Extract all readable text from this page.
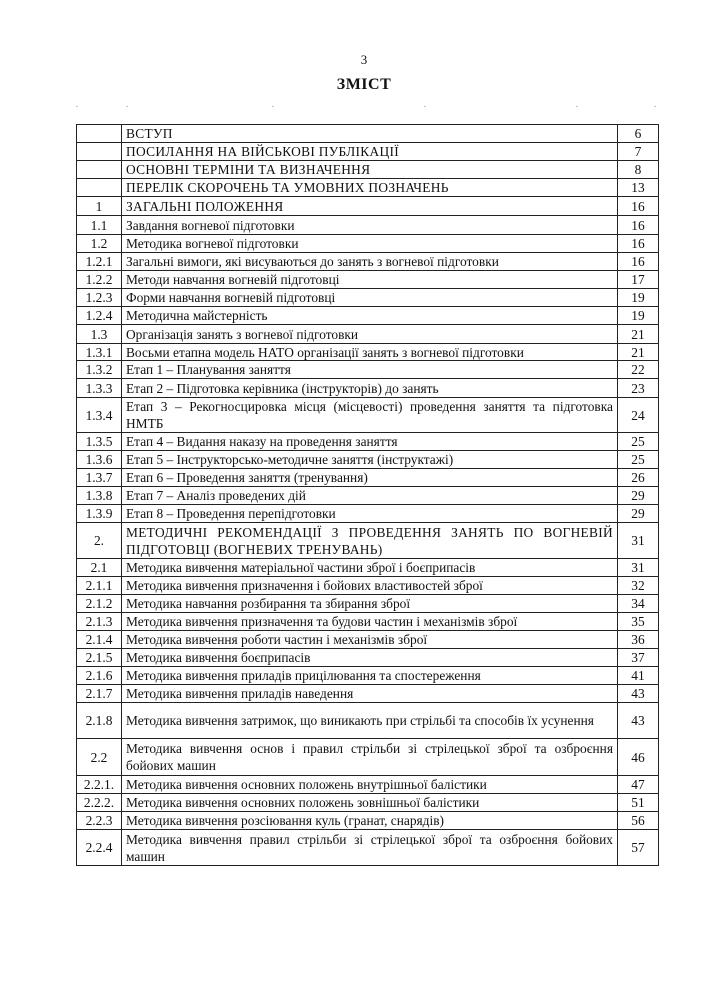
3
ЗМІСТ
.	.	.	.	.	.
	ВСТУП	6
	ПОСИЛАННЯ НА ВІЙСЬКОВІ ПУБЛІКАЦІЇ	7
	ОСНОВНІ ТЕРМІНИ ТА ВИЗНАЧЕННЯ	8
	ПЕРЕЛІК СКОРОЧЕНЬ ТА УМОВНИХ ПОЗНАЧЕНЬ	13
1	ЗАГАЛЬНІ ПОЛОЖЕННЯ	16
1.1	Завдання вогневої підготовки	16
1.2	Методика вогневої підготовки	16
1.2.1	Загальні вимоги, які висуваються до занять з вогневої підготовки	16
1.2.2	Методи навчання вогневій підготовці	17
1.2.3	Форми навчання вогневій підготовці	19
1.2.4	Методична майстерність	19
1.3	Організація занять з вогневої підготовки	21
1.3.1	Восьми етапна модель НАТО організації занять з вогневої підготовки	21
1.3.2	Етап 1 – Планування заняття	22
1.3.3	Етап 2 – Підготовка керівника (інструкторів) до занять	23
1.3.4	Етап 3 – Рекогносцировка місця (місцевості) проведення заняття та підготовка НМТБ	24
1.3.5	Етап 4 – Видання наказу на проведення заняття	25
1.3.6	Етап 5 – Інструкторсько-методичне заняття (інструктажі)	25
1.3.7	Етап 6 – Проведення заняття (тренування)	26
1.3.8	Етап 7 – Аналіз проведених дій	29
1.3.9	Етап 8 – Проведення перепідготовки	29
2.	МЕТОДИЧНІ РЕКОМЕНДАЦІЇ З ПРОВЕДЕННЯ ЗАНЯТЬ ПО ВОГНЕВІЙ ПІДГОТОВЦІ (ВОГНЕВИХ ТРЕНУВАНЬ)	31
2.1	Методика вивчення матеріальної частини зброї і боєприпасів	31
2.1.1	Методика вивчення призначення і бойових властивостей зброї	32
2.1.2	Методика навчання розбирання та збирання зброї	34
2.1.3	Методика вивчення призначення та будови частин і механізмів зброї	35
2.1.4	Методика вивчення роботи частин і механізмів зброї	36
2.1.5	Методика вивчення боєприпасів	37
2.1.6	Методика вивчення приладів прицілювання та спостереження	41
2.1.7	Методика вивчення приладів наведення	43
2.1.8	Методика вивчення затримок, що виникають при стрільбі та способів їх усунення	43
2.2	Методика вивчення основ і правил стрільби зі стрілецької зброї та озброєння бойових машин	46
2.2.1.	Методика вивчення основних положень внутрішньої балістики	47
2.2.2.	Методика вивчення основних положень зовнішньої балістики	51
2.2.3	Методика вивчення розсіювання куль (гранат, снарядів)	56
2.2.4	Методика вивчення правил стрільби зі стрілецької зброї та озброєння бойових машин	57
